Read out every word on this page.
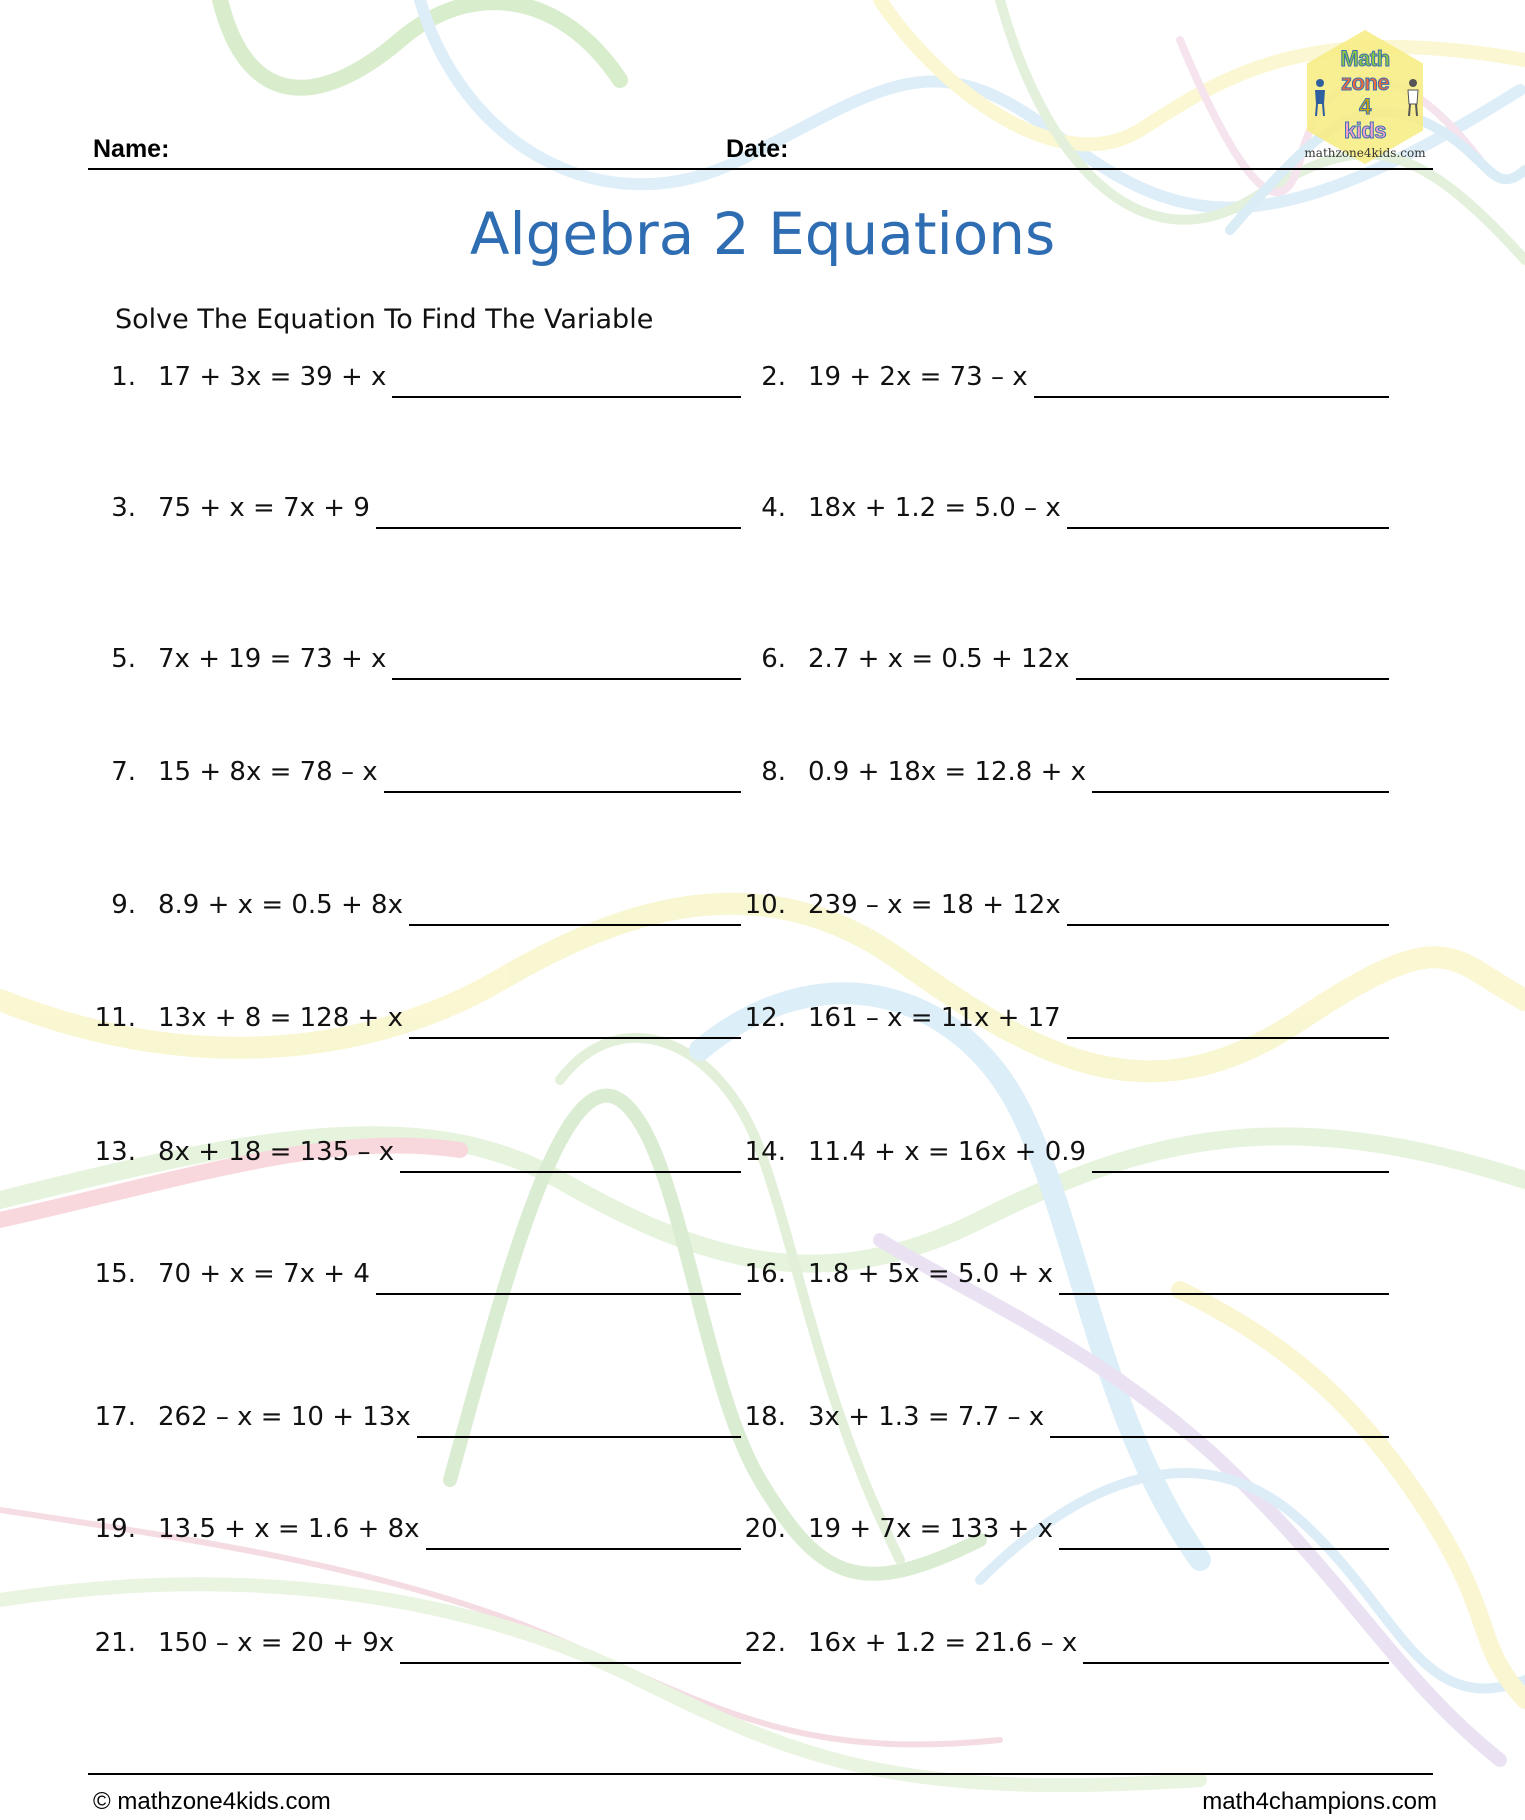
Name:	Date:
Math
zone
4
kids
mathzone4kids.com
Algebra 2 Equations
Solve The Equation To Find The Variable
1. 17 + 3x = 39 + x	2. 19 + 2x = 73 – x
3. 75 + x = 7x + 9	4. 18x + 1.2 = 5.0 – x
5. 7x + 19 = 73 + x	6. 2.7 + x = 0.5 + 12x
7. 15 + 8x = 78 – x	8. 0.9 + 18x = 12.8 + x
9. 8.9 + x = 0.5 + 8x	10. 239 – x = 18 + 12x
11. 13x + 8 = 128 + x	12. 161 – x = 11x + 17
13. 8x + 18 = 135 – x	14. 11.4 + x = 16x + 0.9
15. 70 + x = 7x + 4	16. 1.8 + 5x = 5.0 + x
17. 262 – x = 10 + 13x	18. 3x + 1.3 = 7.7 – x
19. 13.5 + x = 1.6 + 8x	20. 19 + 7x = 133 + x
21. 150 – x = 20 + 9x	22. 16x + 1.2 = 21.6 – x
© mathzone4kids.com	math4champions.com
